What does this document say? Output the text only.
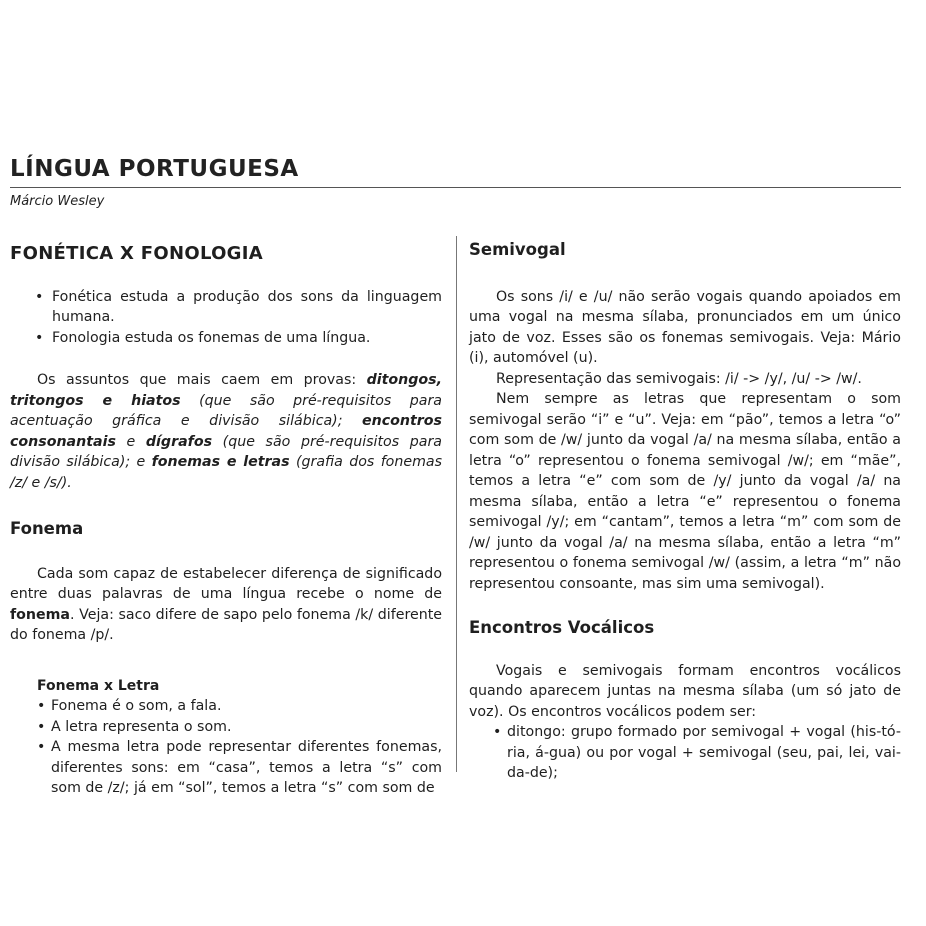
LÍNGUA PORTUGUESA
Márcio Wesley
FONÉTICA X FONOLOGIA
• Fonética estuda a produção dos sons da linguagem humana.
• Fonologia estuda os fonemas de uma língua.

Os assuntos que mais caem em provas: ditongos, tritongos e hiatos (que são pré-requisitos para acentuação gráfica e divisão silábica); encontros consonantais e dígrafos (que são pré-requisitos para divisão silábica); e fonemas e letras (grafia dos fonemas /z/ e /s/).

Fonema

Cada som capaz de estabelecer diferença de significado entre duas palavras de uma língua recebe o nome de fonema. Veja: saco difere de sapo pelo fonema /k/ diferente do fonema /p/.

Fonema x Letra
• Fonema é o som, a fala.
• A letra representa o som.
• A mesma letra pode representar diferentes fonemas, diferentes sons: em “casa”, temos a letra “s” com som de /z/; já em “sol”, temos a letra “s” com som de
Semivogal

Os sons /i/ e /u/ não serão vogais quando apoiados em uma vogal na mesma sílaba, pronunciados em um único jato de voz. Esses são os fonemas semivogais. Veja: Mário (i), automóvel (u).

Representação das semivogais: /i/ -> /y/, /u/ -> /w/.

Nem sempre as letras que representam o som semivogal serão “i” e “u”. Veja: em “pão”, temos a letra “o” com som de /w/ junto da vogal /a/ na mesma sílaba, então a letra “o” representou o fonema semivogal /w/; em “mãe”, temos a letra “e” com som de /y/ junto da vogal /a/ na mesma sílaba, então a letra “e” representou o fonema semivogal /y/; em “cantam”, temos a letra “m” com som de /w/ junto da vogal /a/ na mesma sílaba, então a letra “m” representou o fonema semivogal /w/ (assim, a letra “m” não representou consoante, mas sim uma semivogal).

Encontros Vocálicos

Vogais e semivogais formam encontros vocálicos quando aparecem juntas na mesma sílaba (um só jato de voz). Os encontros vocálicos podem ser:

• ditongo: grupo formado por semivogal + vogal (his-tó-ria, á-gua) ou por vogal + semivogal (seu, pai, lei, vai-da-de);
